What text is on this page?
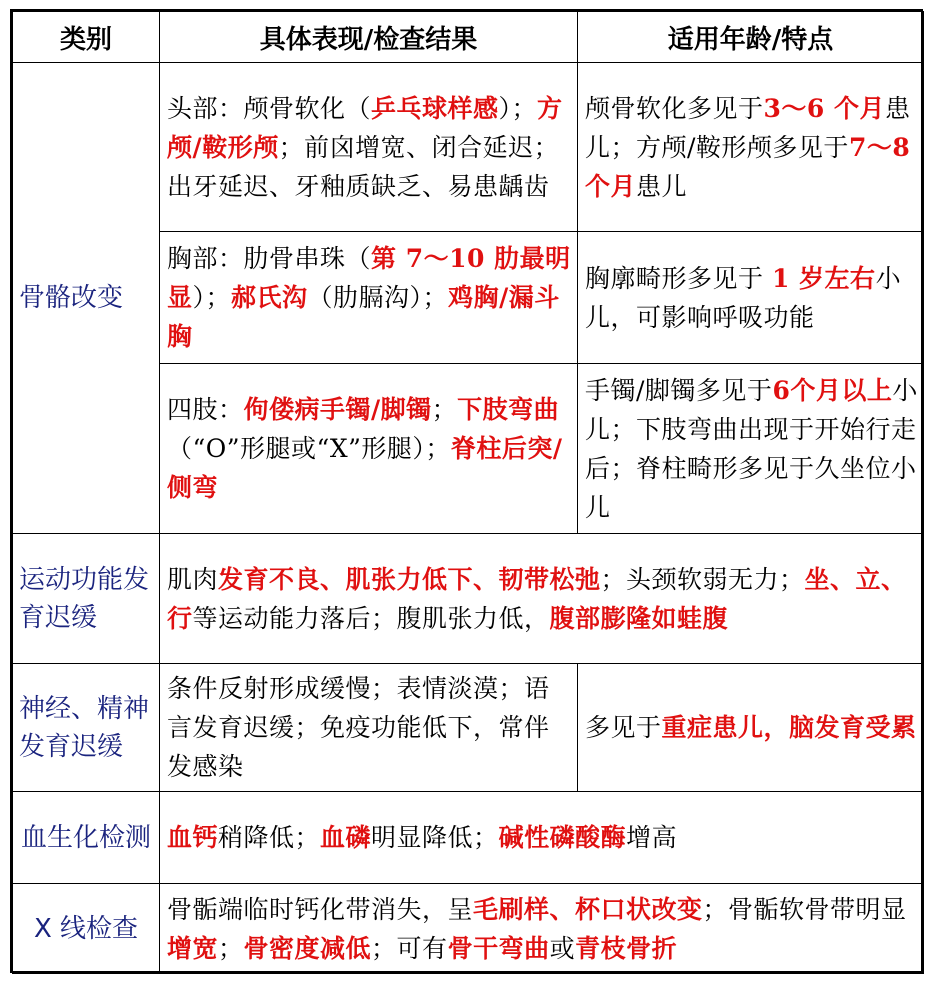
类别	具体表现/检查结果	适用年龄/特点
骨骼改变	头部：颅骨软化（乒乓球样感）；方颅/鞍形颅；前囟增宽、闭合延迟；出牙延迟、牙釉质缺乏、易患龋齿	颅骨软化多见于3～6 个月患儿；方颅/鞍形颅多见于7～8 个月患儿
	胸部：肋骨串珠（第 7～10 肋最明显）；郝氏沟（肋膈沟）；鸡胸/漏斗胸	胸廓畸形多见于 1 岁左右小儿，可影响呼吸功能
	四肢：佝偻病手镯/脚镯；下肢弯曲（“O”形腿或“X”形腿）；脊柱后突/侧弯	手镯/脚镯多见于6个月以上小儿；下肢弯曲出现于开始行走后；脊柱畸形多见于久坐位小儿
运动功能发育迟缓	肌肉发育不良、肌张力低下、韧带松弛；头颈软弱无力；坐、立、行等运动能力落后；腹肌张力低，腹部膨隆如蛙腹	
神经、精神发育迟缓	条件反射形成缓慢；表情淡漠；语言发育迟缓；免疫功能低下，常伴发感染	多见于重症患儿，脑发育受累
血生化检测	血钙稍降低；血磷明显降低；碱性磷酸酶增高	
X 线检查	骨骺端临时钙化带消失，呈毛刷样、杯口状改变；骨骺软骨带明显增宽；骨密度减低；可有骨干弯曲或青枝骨折	
